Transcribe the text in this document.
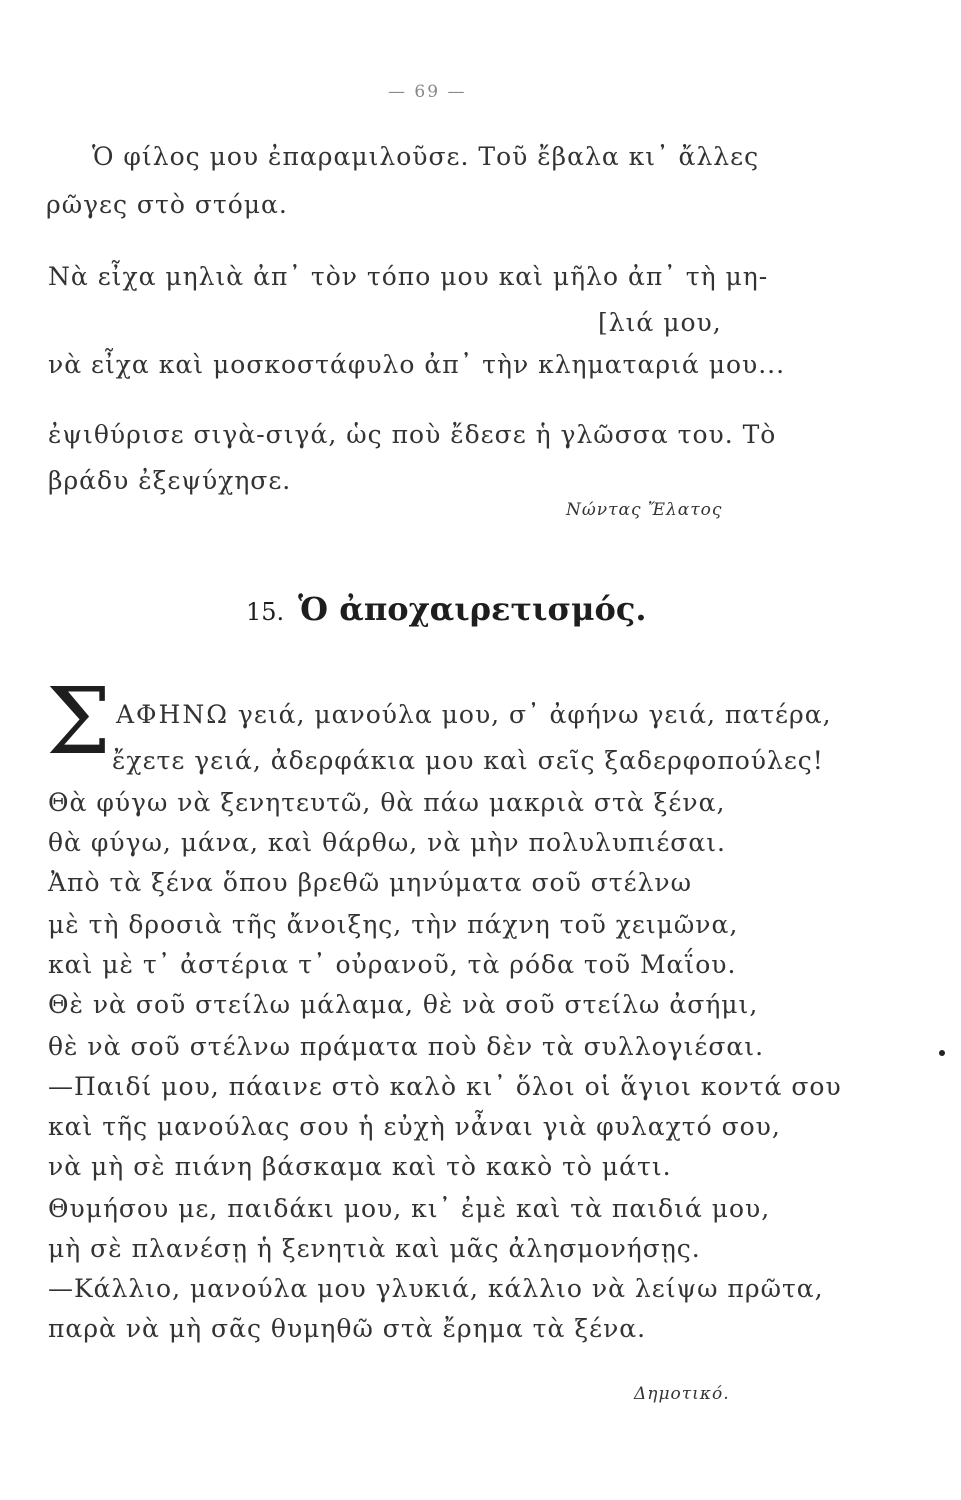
— 69 —
Ὁ φίλος μου ἐπαραμιλοῦσε. Τοῦ ἔβαλα κι᾽ ἄλλες
ρῶγες στὸ στόμα.
Νὰ εἶχα μηλιὰ ἀπ᾽ τὸν τόπο μου καὶ μῆλο ἀπ᾽ τὴ μη-
[λιά μου,
νὰ εἶχα καὶ μοσκοστάφυλο ἀπ᾽ τὴν κληματαριά μου...
ἐψιθύρισε σιγὰ-σιγά, ὡς ποὺ ἔδεσε ἡ γλῶσσα του. Τὸ
βράδυ ἐξεψύχησε.
Νώντας Ἔλατος
15. Ὁ ἀποχαιρετισμός.
Σ ΑΦΗΝΩ γειά, μανούλα μου, σ᾽ ἀφήνω γειά, πατέρα,
ἔχετε γειά, ἀδερφάκια μου καὶ σεῖς ξαδερφοπούλες!
Θὰ φύγω νὰ ξενητευτῶ, θὰ πάω μακριὰ στὰ ξένα,
θὰ φύγω, μάνα, καὶ θάρθω, νὰ μὴν πολυλυπιέσαι.
Ἀπὸ τὰ ξένα ὅπου βρεθῶ μηνύματα σοῦ στέλνω
μὲ τὴ δροσιὰ τῆς ἄνοιξης, τὴν πάχνη τοῦ χειμῶνα,
καὶ μὲ τ᾽ ἀστέρια τ᾽ οὐρανοῦ, τὰ ρόδα τοῦ Μαΐου.
Θὲ νὰ σοῦ στείλω μάλαμα, θὲ νὰ σοῦ στείλω ἀσήμι,
θὲ νὰ σοῦ στέλνω πράματα ποὺ δὲν τὰ συλλογιέσαι.
—Παιδί μου, πάαινε στὸ καλὸ κι᾽ ὅλοι οἱ ἅγιοι κοντά σου
καὶ τῆς μανούλας σου ἡ εὐχὴ νἆναι γιὰ φυλαχτό σου,
νὰ μὴ σὲ πιάνη βάσκαμα καὶ τὸ κακὸ τὸ μάτι.
Θυμήσου με, παιδάκι μου, κι᾽ ἐμὲ καὶ τὰ παιδιά μου,
μὴ σὲ πλανέσῃ ἡ ξενητιὰ καὶ μᾶς ἀλησμονήσῃς.
—Κάλλιο, μανούλα μου γλυκιά, κάλλιο νὰ λείψω πρῶτα,
παρὰ νὰ μὴ σᾶς θυμηθῶ στὰ ἔρημα τὰ ξένα.
Δημοτικό.
